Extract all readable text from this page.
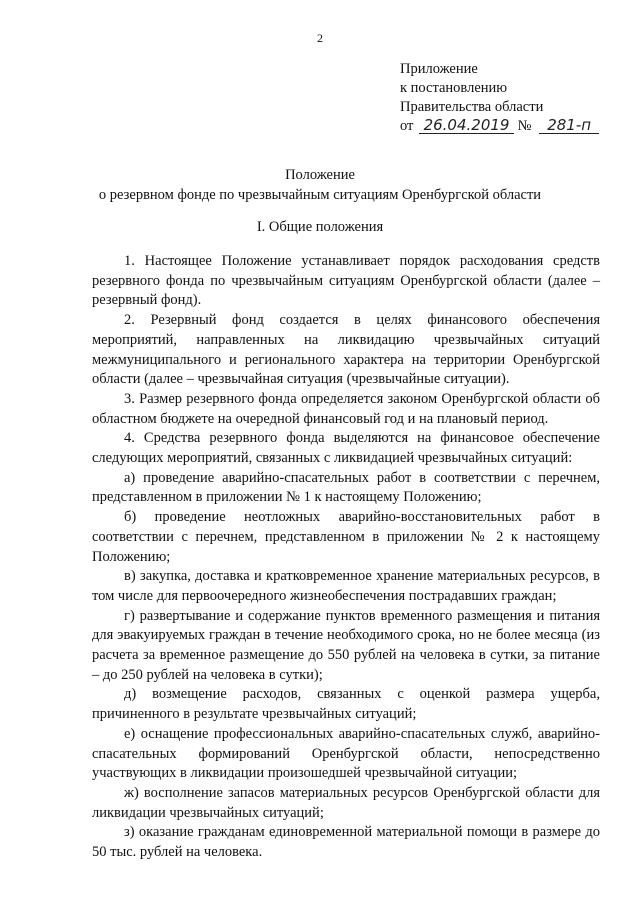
2
Приложение
к постановлению
Правительства области
от 26.04.2019 № 281-п
Положение
о резервном фонде по чрезвычайным ситуациям Оренбургской области
I. Общие положения

1. Настоящее Положение устанавливает порядок расходования средств резервного фонда по чрезвычайным ситуациям Оренбургской области (далее – резервный фонд).

2. Резервный фонд создается в целях финансового обеспечения мероприятий, направленных на ликвидацию чрезвычайных ситуаций межмуниципального и регионального характера на территории Оренбургской области (далее – чрезвычайная ситуация (чрезвычайные ситуации).

3. Размер резервного фонда определяется законом Оренбургской области об областном бюджете на очередной финансовый год и на плановый период.

4. Средства резервного фонда выделяются на финансовое обеспечение следующих мероприятий, связанных с ликвидацией чрезвычайных ситуаций:

а) проведение аварийно-спасательных работ в соответствии с перечнем, представленном в приложении № 1 к настоящему Положению;

б) проведение неотложных аварийно-восстановительных работ в соответствии с перечнем, представленном в приложении № 2 к настоящему Положению;

в) закупка, доставка и кратковременное хранение материальных ресурсов, в том числе для первоочередного жизнеобеспечения пострадавших граждан;

г) развертывание и содержание пунктов временного размещения и питания для эвакуируемых граждан в течение необходимого срока, но не более месяца (из расчета за временное размещение до 550 рублей на человека в сутки, за питание – до 250 рублей на человека в сутки);

д) возмещение расходов, связанных с оценкой размера ущерба, причиненного в результате чрезвычайных ситуаций;

е) оснащение профессиональных аварийно-спасательных служб, аварийно-спасательных формирований Оренбургской области, непосредственно участвующих в ликвидации произошедшей чрезвычайной ситуации;

ж) восполнение запасов материальных ресурсов Оренбургской области для ликвидации чрезвычайных ситуаций;

з) оказание гражданам единовременной материальной помощи в размере до 50 тыс. рублей на человека.
